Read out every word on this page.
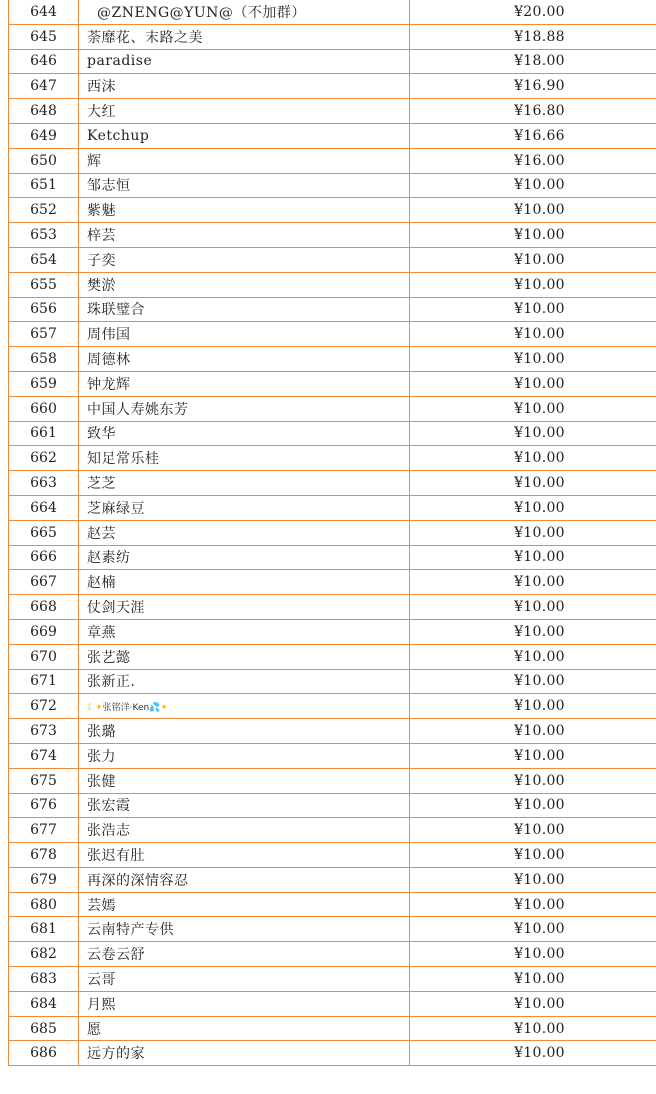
644	@ZNENG@YUN@（不加群）	¥20.00
645	荼靡花、末路之美	¥18.88
646	paradise	¥18.00
647	西沫	¥16.90
648	大红	¥16.80
649	Ketchup	¥16.66
650	辉	¥16.00
651	邹志恒	¥10.00
652	紫魅	¥10.00
653	梓芸	¥10.00
654	子奕	¥10.00
655	樊淤	¥10.00
656	珠联璧合	¥10.00
657	周伟国	¥10.00
658	周德林	¥10.00
659	钟龙辉	¥10.00
660	中国人寿姚东芳	¥10.00
661	致华	¥10.00
662	知足常乐桂	¥10.00
663	芝芝	¥10.00
664	芝麻绿豆	¥10.00
665	赵芸	¥10.00
666	赵素纺	¥10.00
667	赵楠	¥10.00
668	仗剑天涯	¥10.00
669	章燕	¥10.00
670	张艺懿	¥10.00
671	张新正.	¥10.00
672	☾✦张铭洋·Ken💦✦	¥10.00
673	张璐	¥10.00
674	张力	¥10.00
675	张健	¥10.00
676	张宏霞	¥10.00
677	张浩志	¥10.00
678	张迟有肚	¥10.00
679	再深的深情容忍	¥10.00
680	芸嫣	¥10.00
681	云南特产专供	¥10.00
682	云卷云舒	¥10.00
683	云哥	¥10.00
684	月熙	¥10.00
685	愿	¥10.00
686	远方的家	¥10.00
